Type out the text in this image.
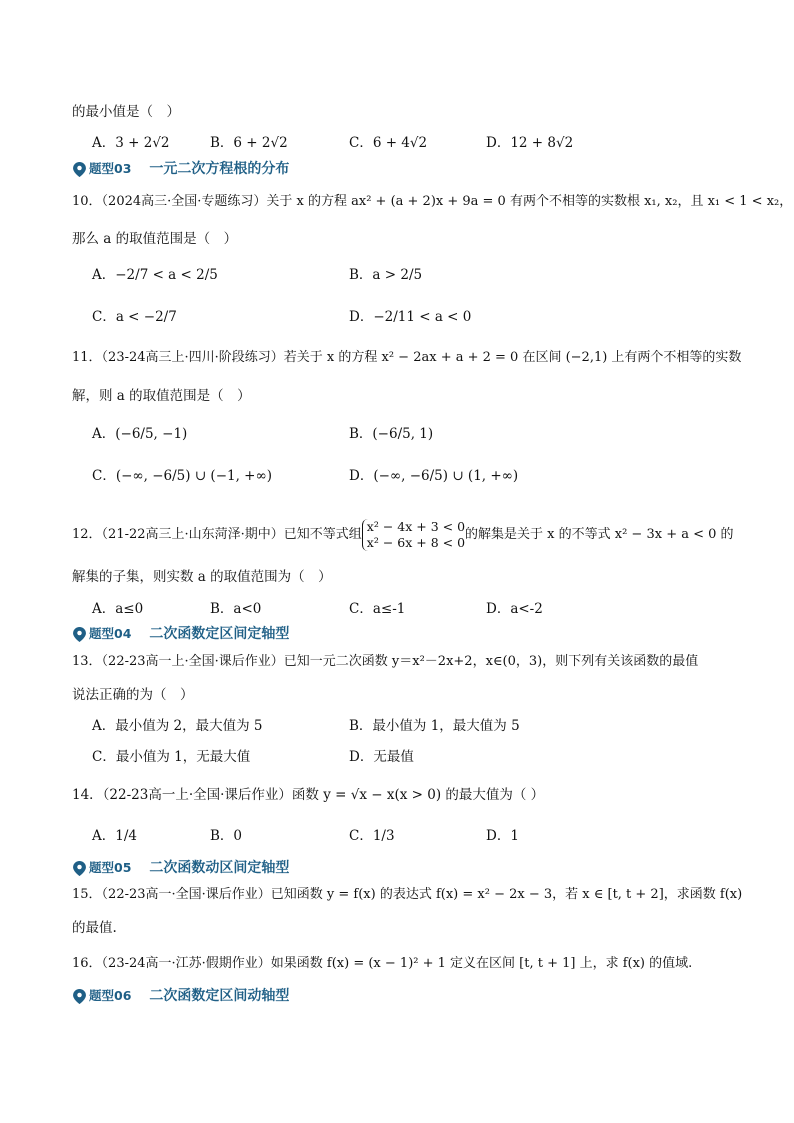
的最小值是（　）
A．3 + 2√2	B．6 + 2√2	C．6 + 4√2	D．12 + 8√2
题型03 一元二次方程根的分布
10．（2024高三·全国·专题练习）关于 x 的方程 ax² + (a + 2)x + 9a = 0 有两个不相等的实数根 x₁, x₂，且 x₁ < 1 < x₂，
那么 a 的取值范围是（　）
A．−2/7 < a < 2/5	B．a > 2/5
C．a < −2/7	D．−2/11 < a < 0
11．（23-24高三上·四川·阶段练习）若关于 x 的方程 x² − 2ax + a + 2 = 0 在区间 (−2,1) 上有两个不相等的实数
解，则 a 的取值范围是（　）
A．(−6/5, −1)	B．(−6/5, 1)
C．(−∞, −6/5) ∪ (−1, +∞)	D．(−∞, −6/5) ∪ (1, +∞)
12．（21-22高三上·山东菏泽·期中）已知不等式组
x² − 4x + 3 < 0
x² − 6x + 8 < 0
的解集是关于 x 的不等式 x² − 3x + a < 0 的
解集的子集，则实数 a 的取值范围为（　）
A．a≤0	B．a<0	C．a≤-1	D．a<-2
题型04 二次函数定区间定轴型
13．（22-23高一上·全国·课后作业）已知一元二次函数 y＝x²－2x+2，x∈(0，3)，则下列有关该函数的最值
说法正确的为（　）
A．最小值为 2，最大值为 5	B．最小值为 1，最大值为 5
C．最小值为 1，无最大值	D．无最值
14．（22-23高一上·全国·课后作业）函数 y = √x − x(x > 0) 的最大值为（ ）
A．1/4	B．0	C．1/3	D．1
题型05 二次函数动区间定轴型
15．（22-23高一·全国·课后作业）已知函数 y = f(x) 的表达式 f(x) = x² − 2x − 3，若 x ∈ [t, t + 2]，求函数 f(x)
的最值.
16．（23-24高一·江苏·假期作业）如果函数 f(x) = (x − 1)² + 1 定义在区间 [t, t + 1] 上，求 f(x) 的值域.
题型06 二次函数定区间动轴型
